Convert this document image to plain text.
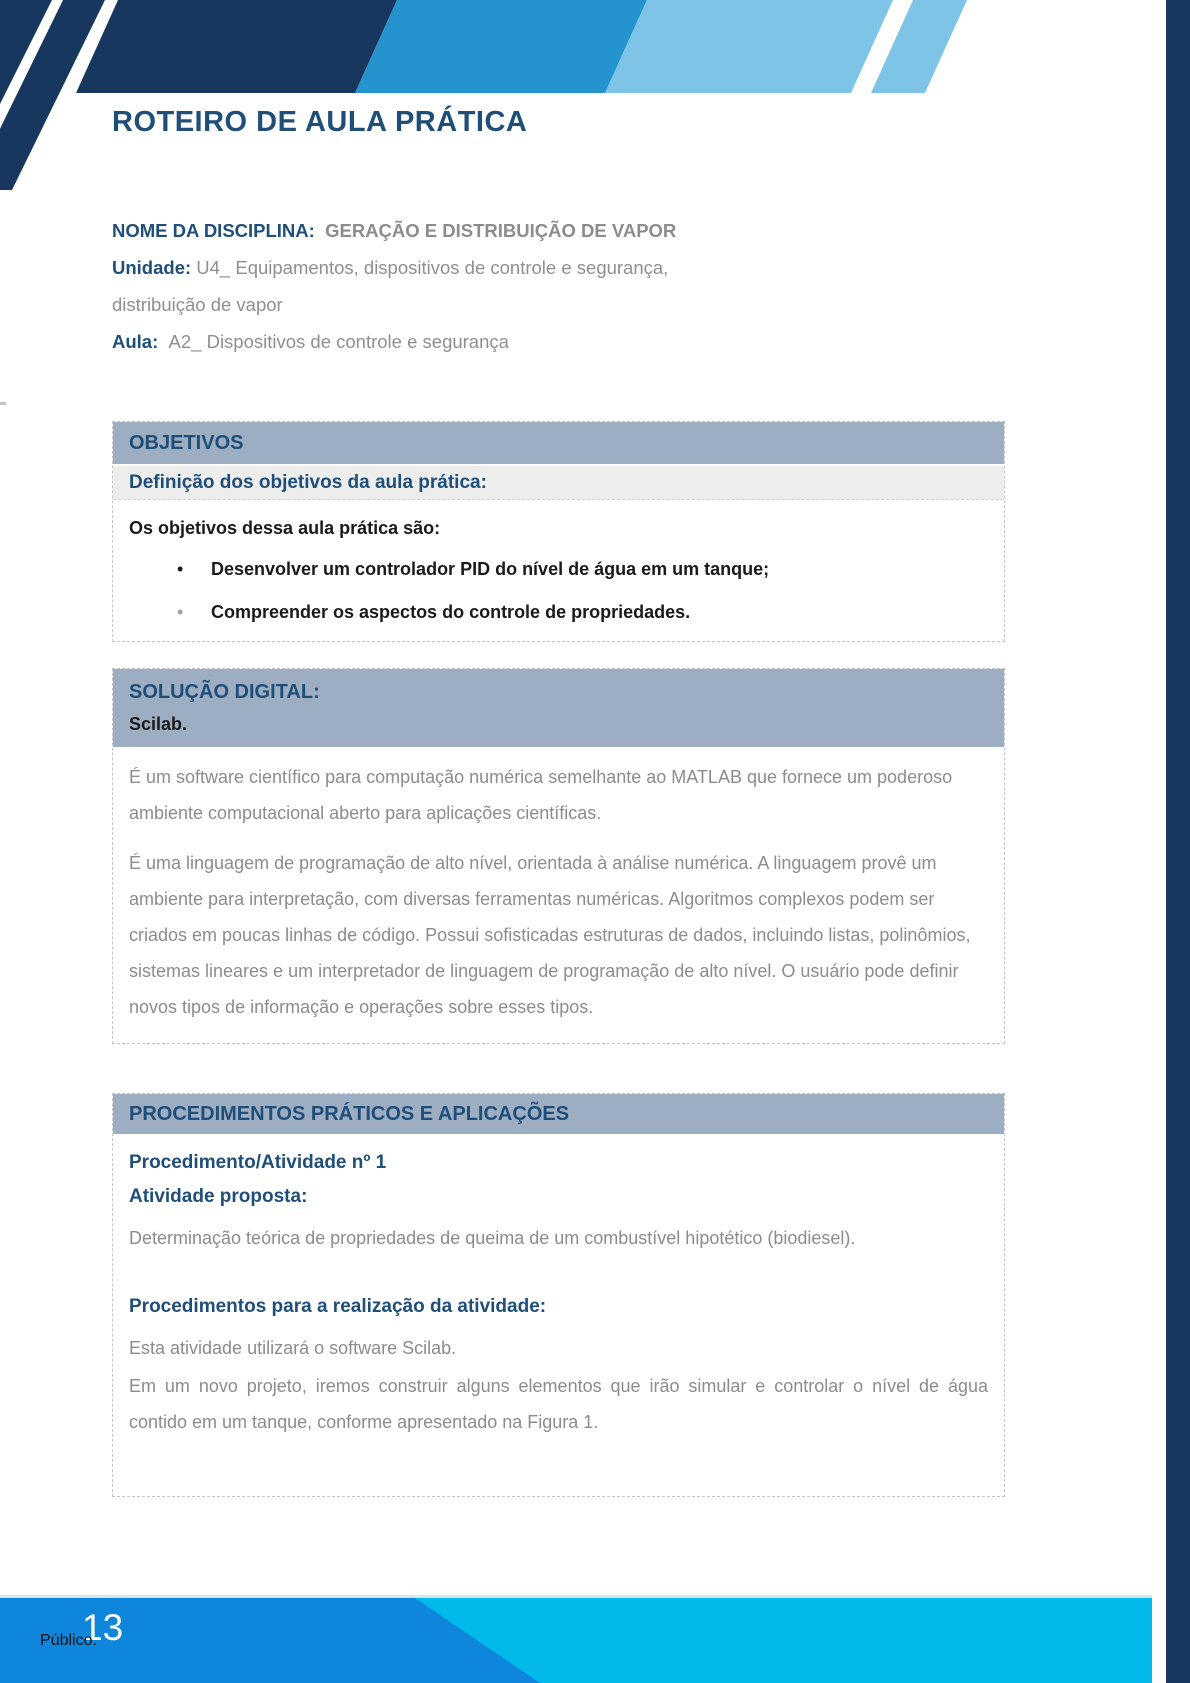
ROTEIRO DE AULA PRÁTICA
NOME DA DISCIPLINA: GERAÇÃO E DISTRIBUIÇÃO DE VAPOR
Unidade: U4_ Equipamentos, dispositivos de controle e segurança,
distribuição de vapor
Aula: A2_ Dispositivos de controle e segurança
OBJETIVOS
Definição dos objetivos da aula prática:
Os objetivos dessa aula prática são:
•	Desenvolver um controlador PID do nível de água em um tanque;
•	Compreender os aspectos do controle de propriedades.
SOLUÇÃO DIGITAL:
Scilab.
É um software científico para computação numérica semelhante ao MATLAB que fornece um poderoso ambiente computacional aberto para aplicações científicas.
É uma linguagem de programação de alto nível, orientada à análise numérica. A linguagem provê um ambiente para interpretação, com diversas ferramentas numéricas. Algoritmos complexos podem ser criados em poucas linhas de código. Possui sofisticadas estruturas de dados, incluindo listas, polinômios, sistemas lineares e um interpretador de linguagem de programação de alto nível. O usuário pode definir novos tipos de informação e operações sobre esses tipos.
PROCEDIMENTOS PRÁTICOS E APLICAÇÕES
Procedimento/Atividade nº 1
Atividade proposta:
Determinação teórica de propriedades de queima de um combustível hipotético (biodiesel).
Procedimentos para a realização da atividade:
Esta atividade utilizará o software Scilab.
Em um novo projeto, iremos construir alguns elementos que irão simular e controlar o nível de água contido em um tanque, conforme apresentado na Figura 1.
13
Público.
